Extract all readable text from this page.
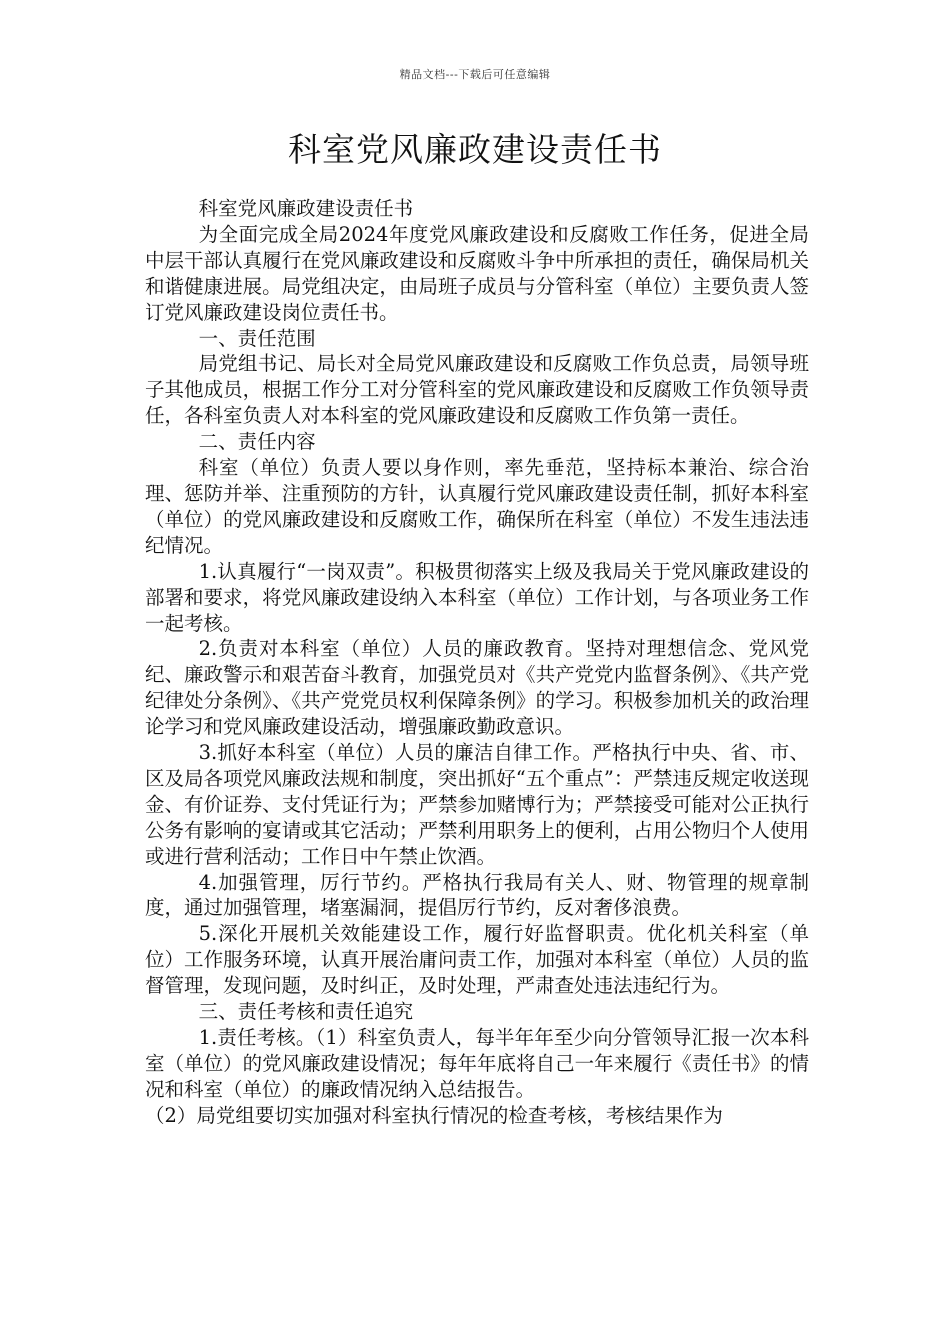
精品文档---下载后可任意编辑
科室党风廉政建设责任书

科室党风廉政建设责任书

为全面完成全局2024年度党风廉政建设和反腐败工作任务，促进全局中层干部认真履行在党风廉政建设和反腐败斗争中所承担的责任，确保局机关和谐健康进展。局党组决定，由局班子成员与分管科室（单位）主要负责人签订党风廉政建设岗位责任书。

一、责任范围

局党组书记、局长对全局党风廉政建设和反腐败工作负总责，局领导班子其他成员，根据工作分工对分管科室的党风廉政建设和反腐败工作负领导责任，各科室负责人对本科室的党风廉政建设和反腐败工作负第一责任。

二、责任内容

科室（单位）负责人要以身作则，率先垂范，坚持标本兼治、综合治理、惩防并举、注重预防的方针，认真履行党风廉政建设责任制，抓好本科室（单位）的党风廉政建设和反腐败工作，确保所在科室（单位）不发生违法违纪情况。

1.认真履行“一岗双责”。积极贯彻落实上级及我局关于党风廉政建设的部署和要求，将党风廉政建设纳入本科室（单位）工作计划，与各项业务工作一起考核。

2.负责对本科室（单位）人员的廉政教育。坚持对理想信念、党风党纪、廉政警示和艰苦奋斗教育，加强党员对《共产党党内监督条例》、《共产党纪律处分条例》、《共产党党员权利保障条例》的学习。积极参加机关的政治理论学习和党风廉政建设活动，增强廉政勤政意识。

3.抓好本科室（单位）人员的廉洁自律工作。严格执行中央、省、市、区及局各项党风廉政法规和制度，突出抓好“五个重点”：严禁违反规定收送现金、有价证券、支付凭证行为；严禁参加赌博行为；严禁接受可能对公正执行公务有影响的宴请或其它活动；严禁利用职务上的便利，占用公物归个人使用或进行营利活动；工作日中午禁止饮酒。

4.加强管理，厉行节约。严格执行我局有关人、财、物管理的规章制度，通过加强管理，堵塞漏洞，提倡厉行节约，反对奢侈浪费。

5.深化开展机关效能建设工作，履行好监督职责。优化机关科室（单位）工作服务环境，认真开展治庸问责工作，加强对本科室（单位）人员的监督管理，发现问题，及时纠正，及时处理，严肃查处违法违纪行为。

三、责任考核和责任追究

1.责任考核。（1）科室负责人，每半年年至少向分管领导汇报一次本科室（单位）的党风廉政建设情况；每年年底将自己一年来履行《责任书》的情况和科室（单位）的廉政情况纳入总结报告。

（2）局党组要切实加强对科室执行情况的检查考核，考核结果作为
